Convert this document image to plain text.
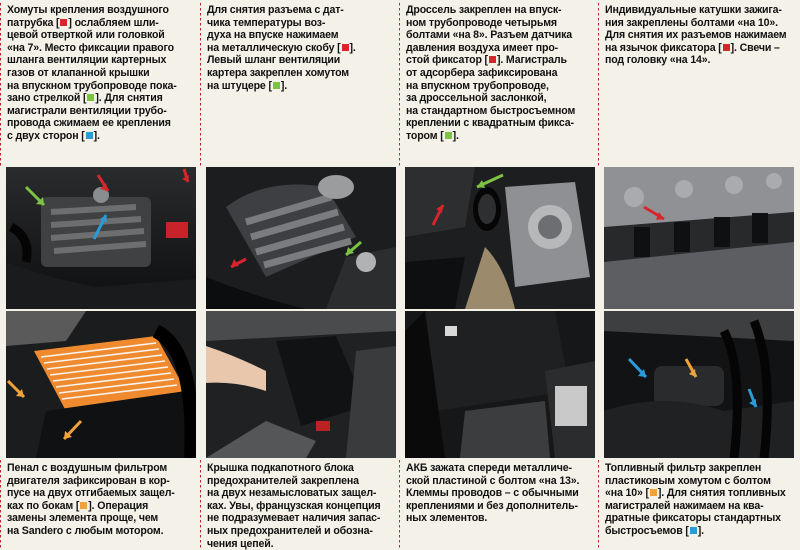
Хомуты крепления воздушного
патрубка [ ] ослабляем шли-
цевой отверткой или головкой
«на 7». Место фиксации правого
шланга вентиляции картерных
газов от клапанной крышки
на впускном трубопроводе пока-
зано стрелкой [ ]. Для снятия
магистрали вентиляции трубо-
провода сжимаем ее крепления
с двух сторон [ ].
Пенал с воздушным фильтром
двигателя зафиксирован в кор-
пусе на двух отгибаемых защел-
ках по бокам [ ]. Операция
замены элемента проще, чем
на Sandero с любым мотором.
Для снятия разъема с дат-
чика температуры воз-
духа на впуске нажимаем
на металлическую скобу [ ].
Левый шланг вентиляции
картера закреплен хомутом
на штуцере [ ].
Крышка подкапотного блока
предохранителей закреплена
на двух незамысловатых защел-
ках. Увы, французская концепция
не подразумевает наличия запас-
ных предохранителей и обозна-
чения цепей.
Дроссель закреплен на впуск-
ном трубопроводе четырьмя
болтами «на 8». Разъем датчика
давления воздуха имеет про-
стой фиксатор [ ]. Магистраль
от адсорбера зафиксирована
на впускном трубопроводе,
за дроссельной заслонкой,
на стандартном быстросъемном
креплении с квадратным фикса-
тором [ ].
АКБ зажата спереди металличе-
ской пластиной с болтом «на 13».
Клеммы проводов – с обычными
креплениями и без дополнитель-
ных элементов.
Индивидуальные катушки зажига-
ния закреплены болтами «на 10».
Для снятия их разъемов нажимаем
на язычок фиксатора [ ]. Свечи –
под головку «на 14».
Топливный фильтр закреплен
пластиковым хомутом с болтом
«на 10» [ ]. Для снятия топливных
магистралей нажимаем на ква-
дратные фиксаторы стандартных
быстросъемов [ ].
